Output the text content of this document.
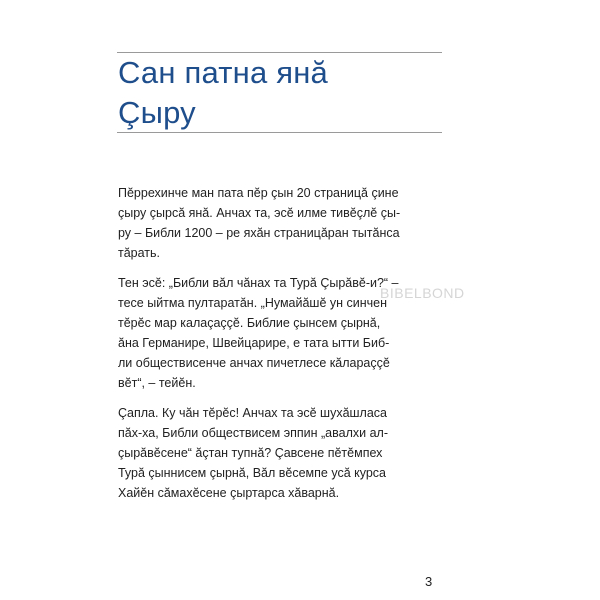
Сан патна янă
Çыру

Пĕррехинче ман пата пĕр çын 20 страницă çине
çыру çырсă янă. Анчах та, эсĕ илме тивĕçлĕ çы-
ру – Библи 1200 – ре яхăн страницăран тытăнса
тăрать.

Тен эсĕ: „Библи вăл чăнах та Турă Çырăвĕ-и?“ –
тесе ыйтма пултаратăн. „Нумайăшĕ ун синчен
тĕрĕс мар калаçаççĕ. Библие çынсем çырнă,
ăна Германире, Швейцарире, е тата ытти Биб-
ли обществисенче анчах пичетлесе кăлараççĕ
вĕт“, – тейĕн.

Çапла. Ку чăн тĕрĕс! Анчах та эсĕ шухăшласа
пăх-ха, Библи обществисем эппин „авалхи ал-
çырăвĕсене“ ăçтан тупнă? Çавсене пĕтĕмпех
Турă çыннисем çырнă, Вăл вĕсемпе усă курса
Хайĕн сăмахĕсене çыртарса хăварнă.

BIBELBOND
3
